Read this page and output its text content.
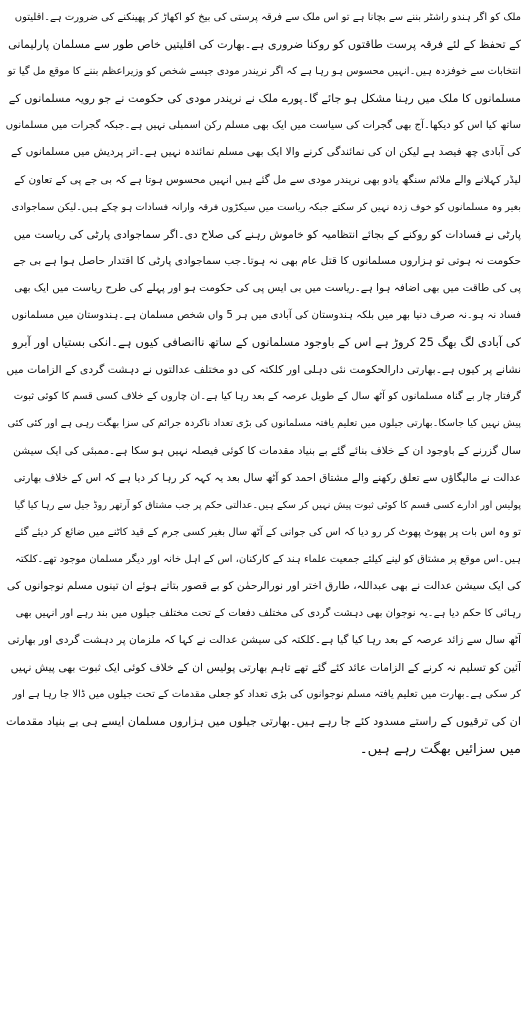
ملک کو اگر ہندو راشٹر بننے سے بچانا ہے تو اس ملک سے فرقہ پرستی کی بیخ کو اکھاڑ کر پھینکنے کی ضرورت ہے۔اقلیتوں
کے تحفظ کے لئے فرقہ پرست طاقتوں کو روکنا ضروری ہے۔بھارت کی اقلیتیں خاص طور سے مسلمان پارلیمانی
انتخابات سے خوفزدہ ہیں۔انہیں محسوس ہو رہا ہے کہ اگر نریندر مودی جیسے شخص کو وزیراعظم بننے کا موقع مل گیا تو
مسلمانوں کا ملک میں رہنا مشکل ہو جائے گا۔پورے ملک نے نریندر مودی کی حکومت نے جو رویہ مسلمانوں کے
ساتھ کیا اس کو دیکھا۔آج بھی گجرات کی سیاست میں ایک بھی مسلم رکن اسمبلی نہیں ہے۔جبکہ گجرات میں مسلمانوں
کی آبادی چھ فیصد ہے لیکن ان کی نمائندگی کرنے والا ایک بھی مسلم نمائندہ نہیں ہے۔اتر پردیش میں مسلمانوں کے
لیڈر کہلانے والے ملائم سنگھ یادو بھی نریندر مودی سے مل گئے ہیں انہیں محسوس ہوتا ہے کہ بی جے پی کے تعاون کے
بغیر وہ مسلمانوں کو خوف زدہ نہیں کر سکتے جبکہ ریاست میں سیکڑوں فرقہ وارانہ فسادات ہو چکے ہیں۔لیکن سماجوادی
پارٹی نے فسادات کو روکنے کے بجائے انتظامیہ کو خاموش رہنے کی صلاح دی۔اگر سماجوادی پارٹی کی ریاست میں
حکومت نہ ہوتی تو ہزاروں مسلمانوں کا قتل عام بھی نہ ہوتا۔جب سماجوادی پارٹی کا اقتدار حاصل ہوا ہے بی جے
پی کی طاقت میں بھی اضافہ ہوا ہے۔ریاست میں بی ایس پی کی حکومت ہو اور پہلے کی طرح ریاست میں ایک بھی
فساد نہ ہو۔نہ صرف دنیا بھر میں بلکہ ہندوستان کی آبادی میں ہر 5 واں شخص مسلمان ہے۔ہندوستان میں مسلمانوں
کی آبادی لگ بھگ 25 کروڑ ہے اس کے باوجود مسلمانوں کے ساتھ ناانصافی کیوں ہے۔انکی بستیاں اور آبرو
نشانے پر کیوں ہے۔بھارتی دارالحکومت نئی دہلی اور کلکتہ کی دو مختلف عدالتوں نے دہشت گردی کے الزامات میں
گرفتار چار بے گناہ مسلمانوں کو آٹھ سال کے طویل عرصہ کے بعد رہا کیا ہے۔ان چاروں کے خلاف کسی قسم کا کوئی ثبوت
پیش نہیں کیا جاسکا۔بھارتی جیلوں میں تعلیم یافتہ مسلمانوں کی بڑی تعداد ناکردہ جرائم کی سزا بھگت رہی ہے اور کئی کئی
سال گزرنے کے باوجود ان کے خلاف بنائے گئے بے بنیاد مقدمات کا کوئی فیصلہ نہیں ہو سکا ہے۔ممبئی کی ایک سیشن
عدالت نے مالیگاؤں سے تعلق رکھنے والے مشتاق احمد کو آٹھ سال بعد یہ کہہ کر رہا کر دیا ہے کہ اس کے خلاف بھارتی
پولیس اور ادارے کسی قسم کا کوئی ثبوت پیش نہیں کر سکے ہیں۔عدالتی حکم پر جب مشتاق کو آرتھر روڈ جیل سے رہا کیا گیا
تو وہ اس بات پر پھوٹ پھوٹ کر رو دیا کہ اس کی جوانی کے آٹھ سال بغیر کسی جرم کے قید کاٹنے میں ضائع کر دیئے گئے
ہیں۔اس موقع پر مشتاق کو لینے کیلئے جمعیت علماء ہند کے کارکنان، اس کے اہل خانہ اور دیگر مسلمان موجود تھے۔کلکتہ
کی ایک سیشن عدالت نے بھی عبداللہ، طارق اختر اور نورالرحمٰن کو بے قصور بتاتے ہوئے ان تینوں مسلم نوجوانوں کی
رہائی کا حکم دیا ہے۔یہ نوجوان بھی دہشت گردی کی مختلف دفعات کے تحت مختلف جیلوں میں بند رہے اور انہیں بھی
آٹھ سال سے زائد عرصہ کے بعد رہا کیا گیا ہے۔کلکتہ کی سیشن عدالت نے کہا کہ ملزمان پر دہشت گردی اور بھارتی
آئین کو تسلیم نہ کرنے کے الزامات عائد کئے گئے تھے تاہم بھارتی پولیس ان کے خلاف کوئی ایک ثبوت بھی پیش نہیں
کر سکی ہے۔بھارت میں تعلیم یافتہ مسلم نوجوانوں کی بڑی تعداد کو جعلی مقدمات کے تحت جیلوں میں ڈالا جا رہا ہے اور
ان کی ترقیوں کے راستے مسدود کئے جا رہے ہیں۔بھارتی جیلوں میں ہزاروں مسلمان ایسے ہی بے بنیاد مقدمات
میں سزائیں بھگت رہے ہیں۔
